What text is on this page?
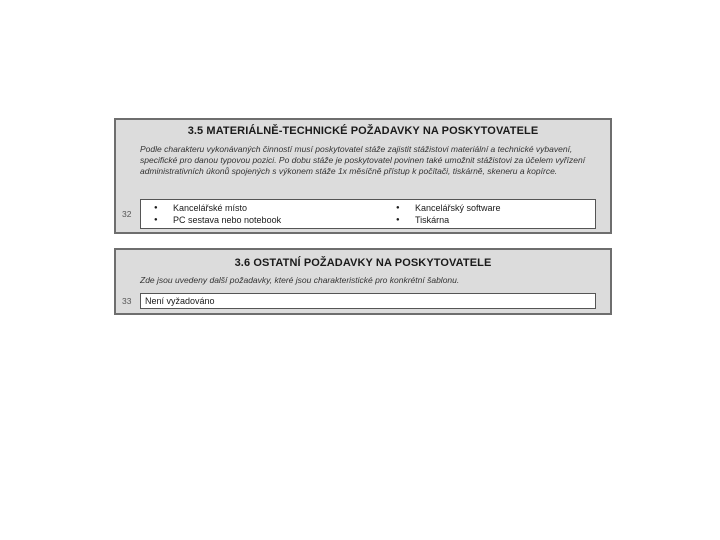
3.5 MATERIÁLNĚ-TECHNICKÉ POŽADAVKY NA POSKYTOVATELE

Podle charakteru vykonávaných činností musí poskytovatel stáže zajistit stážistovi materiální a technické vybavení, specifické pro danou typovou pozici. Po dobu stáže je poskytovatel povinen také umožnit stážistovi za účelem vyřízení administrativních úkonů spojených s výkonem stáže 1x měsíčně přístup k počítači, tiskárně, skeneru a kopírce.

32
● Kancelářské místo
● PC sestava nebo notebook
● Kancelářský software
● Tiskárna

3.6 OSTATNÍ POŽADAVKY NA POSKYTOVATELE

Zde jsou uvedeny další požadavky, které jsou charakteristické pro konkrétní šablonu.

33 Není vyžadováno
